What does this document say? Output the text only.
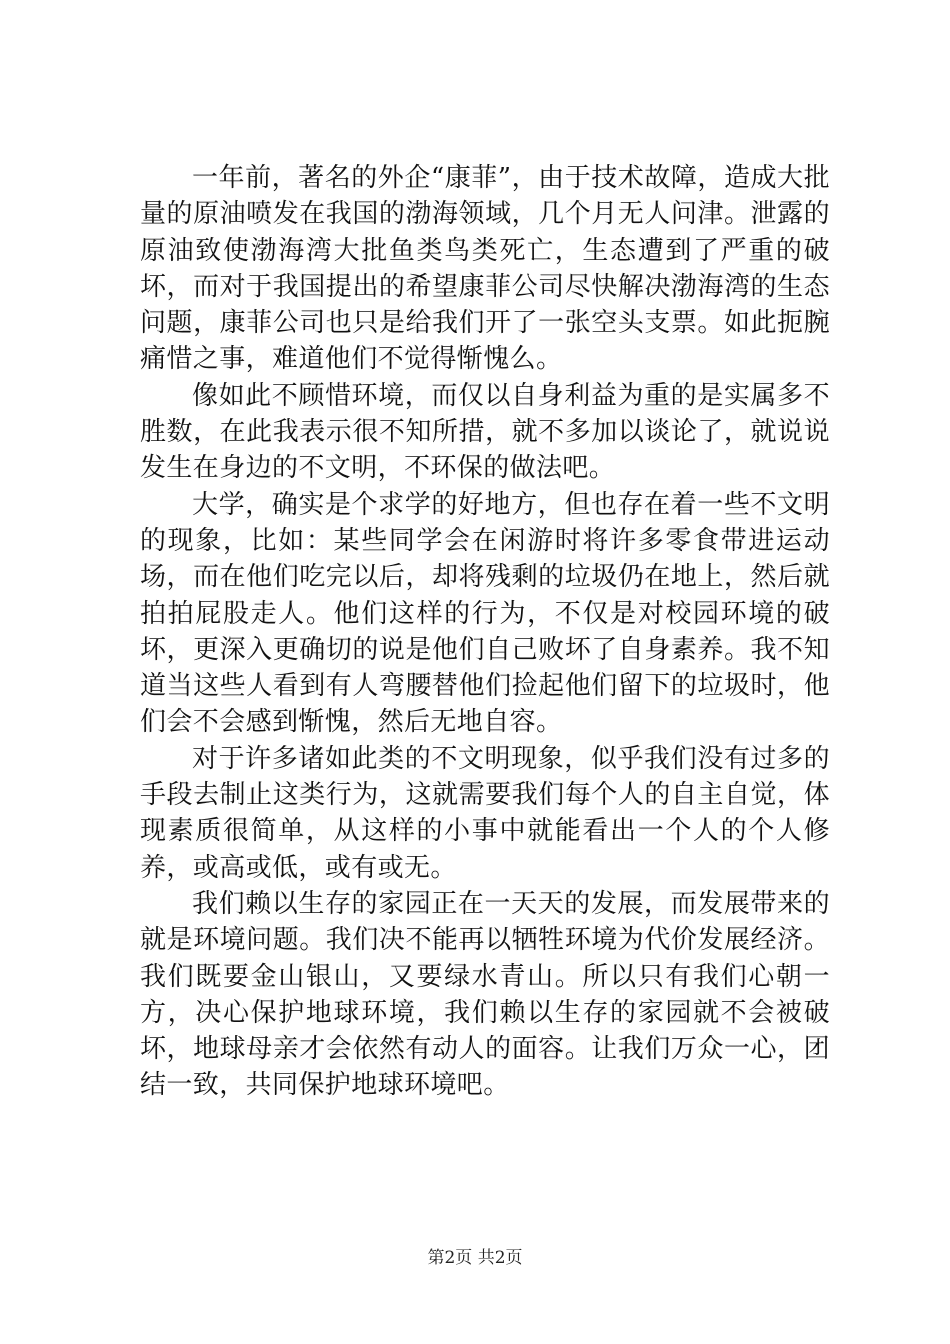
一年前，著名的外企“康菲”，由于技术故障，造成大批量的原油喷发在我国的渤海领域，几个月无人问津。泄露的原油致使渤海湾大批鱼类鸟类死亡，生态遭到了严重的破坏，而对于我国提出的希望康菲公司尽快解决渤海湾的生态问题，康菲公司也只是给我们开了一张空头支票。如此扼腕痛惜之事，难道他们不觉得惭愧么。

像如此不顾惜环境，而仅以自身利益为重的是实属多不胜数，在此我表示很不知所措，就不多加以谈论了，就说说发生在身边的不文明，不环保的做法吧。

大学，确实是个求学的好地方，但也存在着一些不文明的现象，比如：某些同学会在闲游时将许多零食带进运动场，而在他们吃完以后，却将残剩的垃圾仍在地上，然后就拍拍屁股走人。他们这样的行为，不仅是对校园环境的破坏，更深入更确切的说是他们自己败坏了自身素养。我不知道当这些人看到有人弯腰替他们捡起他们留下的垃圾时，他们会不会感到惭愧，然后无地自容。

对于许多诸如此类的不文明现象，似乎我们没有过多的手段去制止这类行为，这就需要我们每个人的自主自觉，体现素质很简单，从这样的小事中就能看出一个人的个人修养，或高或低，或有或无。

我们赖以生存的家园正在一天天的发展，而发展带来的就是环境问题。我们决不能再以牺牲环境为代价发展经济。我们既要金山银山，又要绿水青山。所以只有我们心朝一方，决心保护地球环境，我们赖以生存的家园就不会被破坏，地球母亲才会依然有动人的面容。让我们万众一心，团结一致，共同保护地球环境吧。

第2页 共2页
